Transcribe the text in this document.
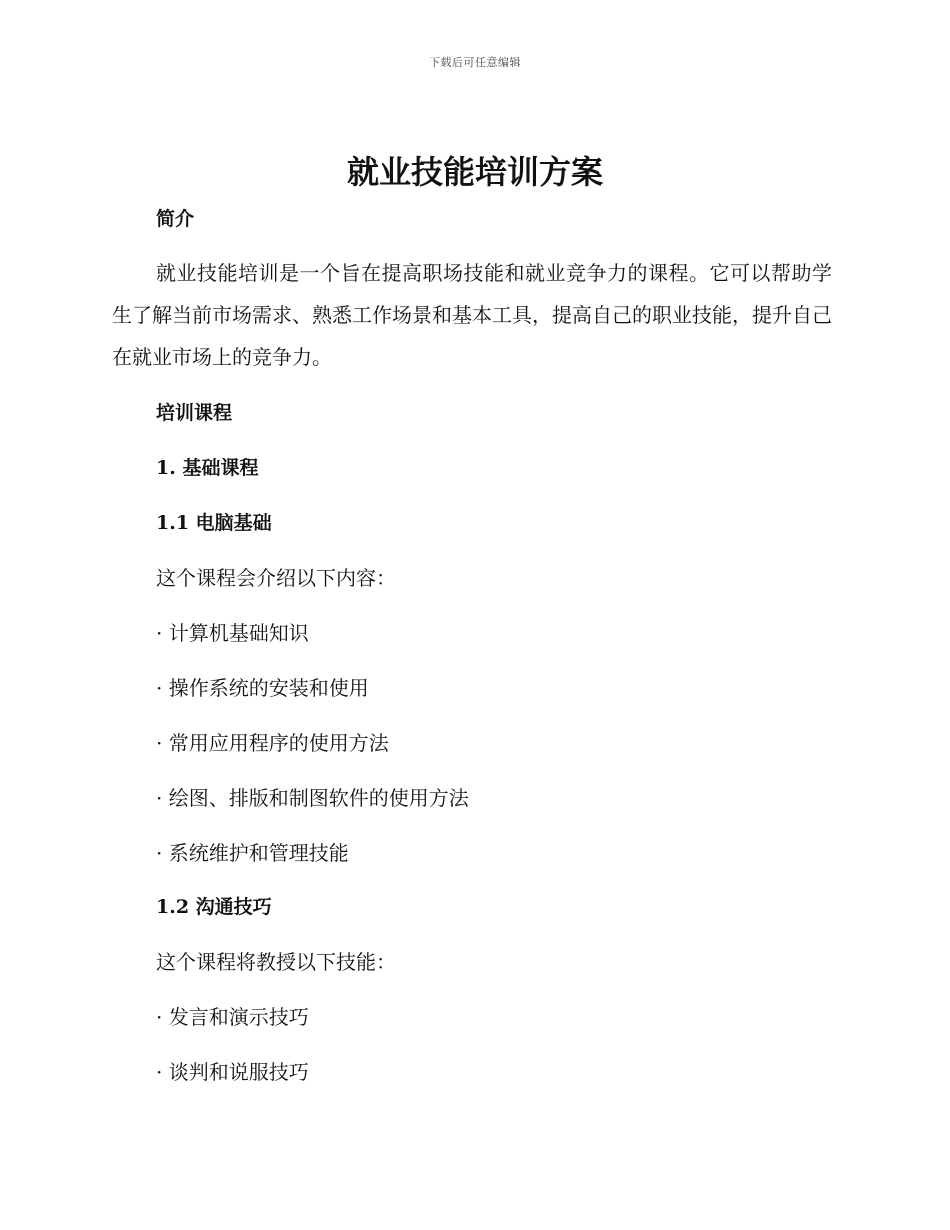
下载后可任意编辑
就业技能培训方案
简介

就业技能培训是一个旨在提高职场技能和就业竞争力的课程。它可以帮助学生了解当前市场需求、熟悉工作场景和基本工具，提高自己的职业技能，提升自己在就业市场上的竞争力。

培训课程
1. 基础课程
1.1 电脑基础
这个课程会介绍以下内容：
· 计算机基础知识
· 操作系统的安装和使用
· 常用应用程序的使用方法
· 绘图、排版和制图软件的使用方法
· 系统维护和管理技能
1.2 沟通技巧
这个课程将教授以下技能：
· 发言和演示技巧
· 谈判和说服技巧
